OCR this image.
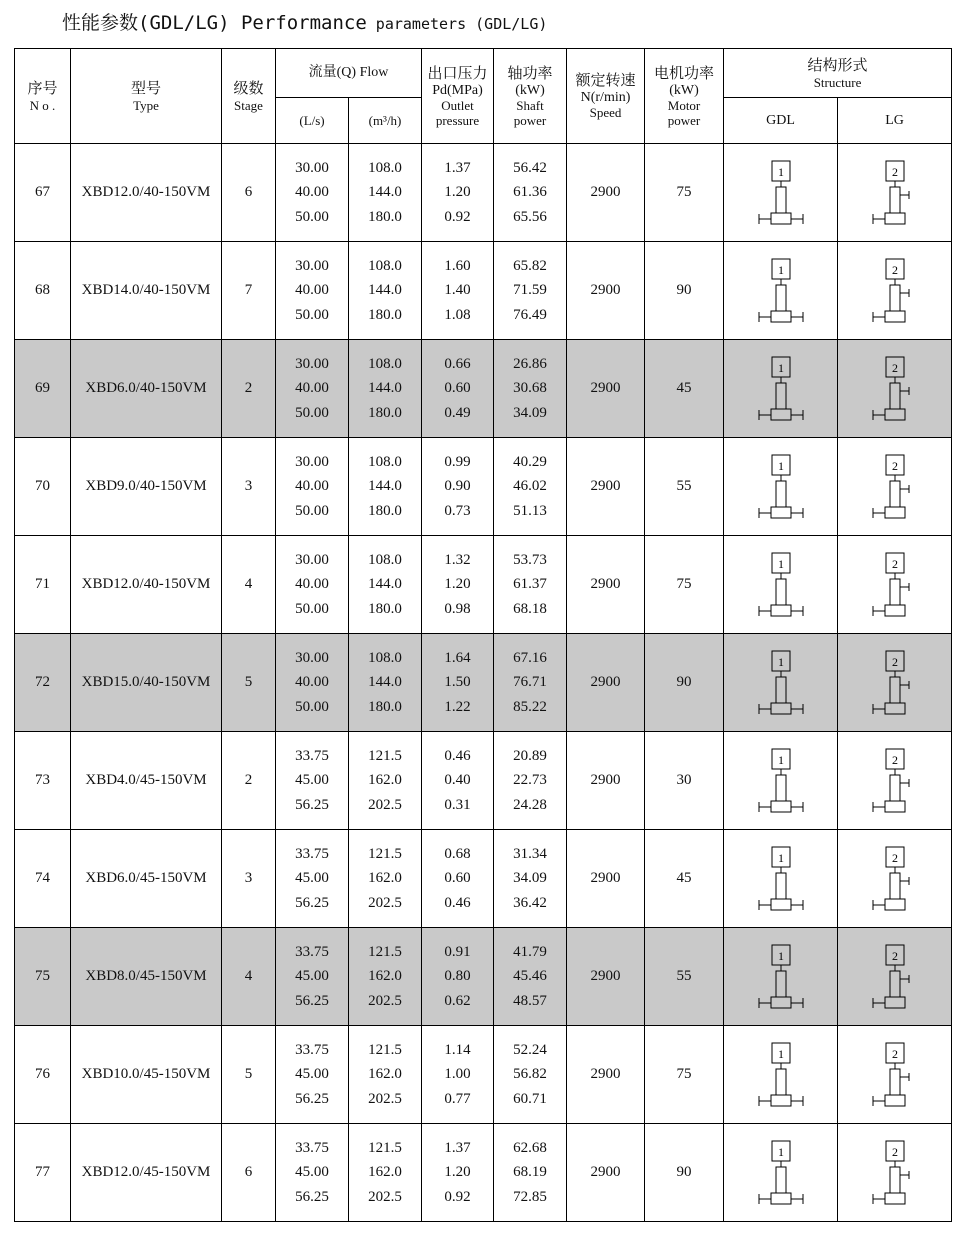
性能参数(GDL/LG) Performance parameters (GDL/LG)
序号
N o .	型号
Type	级数
Stage	流量(Q) Flow		出口压力
Pd(MPa)
Outlet
pressure	轴功率
(kW)
Shaft
power	额定转速
N(r/min)
Speed	电机功率
(kW)
Motor
power	结构形式
Structure	

			(L/s)	(m³/h)					GDL	LG

67	XBD12.0/40-150VM	6	30.00
40.00
50.00	108.0
144.0
180.0	1.37
1.20
0.92	56.42
61.36
65.56	2900	75	1	2

68	XBD14.0/40-150VM	7	30.00
40.00
50.00	108.0
144.0
180.0	1.60
1.40
1.08	65.82
71.59
76.49	2900	90	1	2

69	XBD6.0/40-150VM	2	30.00
40.00
50.00	108.0
144.0
180.0	0.66
0.60
0.49	26.86
30.68
34.09	2900	45	1	2

70	XBD9.0/40-150VM	3	30.00
40.00
50.00	108.0
144.0
180.0	0.99
0.90
0.73	40.29
46.02
51.13	2900	55	1	2

71	XBD12.0/40-150VM	4	30.00
40.00
50.00	108.0
144.0
180.0	1.32
1.20
0.98	53.73
61.37
68.18	2900	75	1	2

72	XBD15.0/40-150VM	5	30.00
40.00
50.00	108.0
144.0
180.0	1.64
1.50
1.22	67.16
76.71
85.22	2900	90	1	2

73	XBD4.0/45-150VM	2	33.75
45.00
56.25	121.5
162.0
202.5	0.46
0.40
0.31	20.89
22.73
24.28	2900	30	1	2

74	XBD6.0/45-150VM	3	33.75
45.00
56.25	121.5
162.0
202.5	0.68
0.60
0.46	31.34
34.09
36.42	2900	45	1	2

75	XBD8.0/45-150VM	4	33.75
45.00
56.25	121.5
162.0
202.5	0.91
0.80
0.62	41.79
45.46
48.57	2900	55	1	2

76	XBD10.0/45-150VM	5	33.75
45.00
56.25	121.5
162.0
202.5	1.14
1.00
0.77	52.24
56.82
60.71	2900	75	1	2

77	XBD12.0/45-150VM	6	33.75
45.00
56.25	121.5
162.0
202.5	1.37
1.20
0.92	62.68
68.19
72.85	2900	90	1	2
